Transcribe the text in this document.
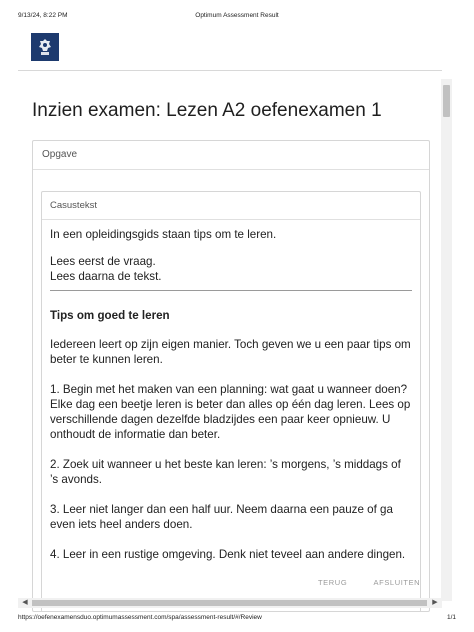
9/13/24, 8:22 PM	Optimum Assessment Result
Inzien examen: Lezen A2 oefenexamen 1
Opgave
Casustekst

In een opleidingsgids staan tips om te leren.

Lees eerst de vraag.

Lees daarna de tekst.

Tips om goed te leren

Iedereen leert op zijn eigen manier. Toch geven we u een paar tips om beter te kunnen leren.

1. Begin met het maken van een planning: wat gaat u wanneer doen?

Elke dag een beetje leren is beter dan alles op één dag leren. Lees op verschillende dagen dezelfde bladzijdes een paar keer opnieuw. U onthoudt de informatie dan beter.

2. Zoek uit wanneer u het beste kan leren: ’s morgens, ’s middags of ’s avonds.

3. Leer niet langer dan een half uur. Neem daarna een pauze of ga even iets heel anders doen.

4. Leer in een rustige omgeving. Denk niet teveel aan andere dingen.

TERUG	AFSLUITEN
◀	▶
https://oefenexamensduo.optimumassessment.com/spa/assessment-result/#/Review	1/1
